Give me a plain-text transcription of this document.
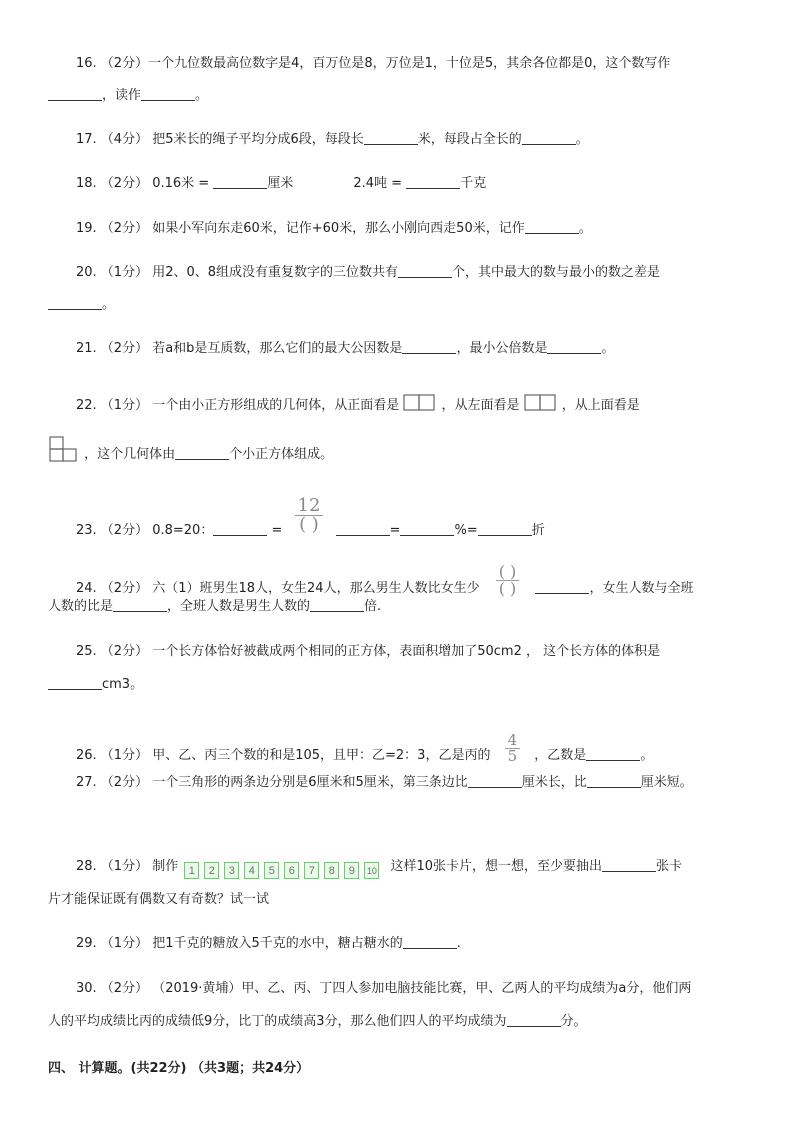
16. （2分）一个九位数最高位数字是4，百万位是8，万位是1，十位是5，其余各位都是0，这个数写作
，读作	。
17. （4分） 把5米长的绳子平均分成6段，每段长	米，每段占全长的	。
18. （2分） 0.16米 =	厘米	2.4吨 =	千克
19. （2分） 如果小军向东走60米，记作+60米，那么小刚向西走50米，记作	。
20. （1分） 用2、0、8组成没有重复数字的三位数共有	个，其中最大的数与最小的数之差是
。
21. （2分） 若a和b是互质数，那么它们的最大公因数是	，最小公倍数是	。
22. （1分） 一个由小正方形组成的几何体，从正面看是	，从左面看是	，从上面看是
，这个几何体由	个小正方体组成。
23. （2分） 0.8=20：	= $\frac{12}{( )}$	=	%=	折
24. （2分） 六（1）班男生18人，女生24人，那么男生人数比女生少 $\frac{( )}{( )}$	，女生人数与全班
人数的比是	，全班人数是男生人数的	倍.
25. （2分） 一个长方体恰好被截成两个相同的正方体，表面积增加了50cm2 ， 这个长方体的体积是
cm3。
26. （1分） 甲、乙、丙三个数的和是105，且甲：乙=2：3，乙是丙的 $\frac{4}{5}$ ，乙数是	。
27. （2分） 一个三角形的两条边分别是6厘米和5厘米，第三条边比	厘米长，比	厘米短。
28. （1分） 制作 1 2 3 4 5 6 7 8 9 10 这样10张卡片，想一想，至少要抽出	张卡
片才能保证既有偶数又有奇数？试一试
29. （1分） 把1千克的糖放入5千克的水中，糖占糖水的	.
30. （2分） （2019·黄埔）甲、乙、丙、丁四人参加电脑技能比赛，甲、乙两人的平均成绩为a分，他们两
人的平均成绩比丙的成绩低9分，比丁的成绩高3分，那么他们四人的平均成绩为	分。
四、 计算题。(共22分) （共3题；共24分）
